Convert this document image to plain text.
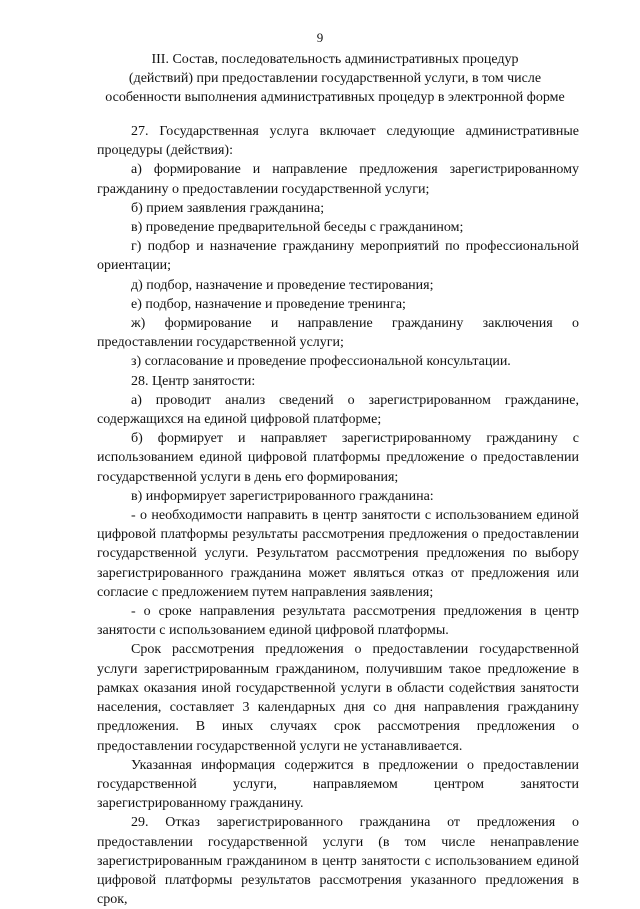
9
III. Состав, последовательность административных процедур
(действий) при предоставлении государственной услуги, в том числе
особенности выполнения административных процедур в электронной форме

27. Государственная услуга включает следующие административные процедуры (действия):

а) формирование и направление предложения зарегистрированному гражданину о предоставлении государственной услуги;

б) прием заявления гражданина;

в) проведение предварительной беседы с гражданином;

г) подбор и назначение гражданину мероприятий по профессиональной ориентации;

д) подбор, назначение и проведение тестирования;

е) подбор, назначение и проведение тренинга;

ж) формирование и направление гражданину заключения о предоставлении государственной услуги;

з) согласование и проведение профессиональной консультации.

28. Центр занятости:

а) проводит анализ сведений о зарегистрированном гражданине, содержащихся на единой цифровой платформе;

б) формирует и направляет зарегистрированному гражданину с использованием единой цифровой платформы предложение о предоставлении государственной услуги в день его формирования;

в) информирует зарегистрированного гражданина:

- о необходимости направить в центр занятости с использованием единой цифровой платформы результаты рассмотрения предложения о предоставлении государственной услуги. Результатом рассмотрения предложения по выбору зарегистрированного гражданина может являться отказ от предложения или согласие с предложением путем направления заявления;

- о сроке направления результата рассмотрения предложения в центр занятости с использованием единой цифровой платформы.

Срок рассмотрения предложения о предоставлении государственной услуги зарегистрированным гражданином, получившим такое предложение в рамках оказания иной государственной услуги в области содействия занятости населения, составляет 3 календарных дня со дня направления гражданину предложения. В иных случаях срок рассмотрения предложения о предоставлении государственной услуги не устанавливается.

Указанная информация содержится в предложении о предоставлении государственной услуги, направляемом центром занятости зарегистрированному гражданину.

29. Отказ зарегистрированного гражданина от предложения о предоставлении государственной услуги (в том числе ненаправление зарегистрированным гражданином в центр занятости с использованием единой цифровой платформы результатов рассмотрения указанного предложения в срок,
